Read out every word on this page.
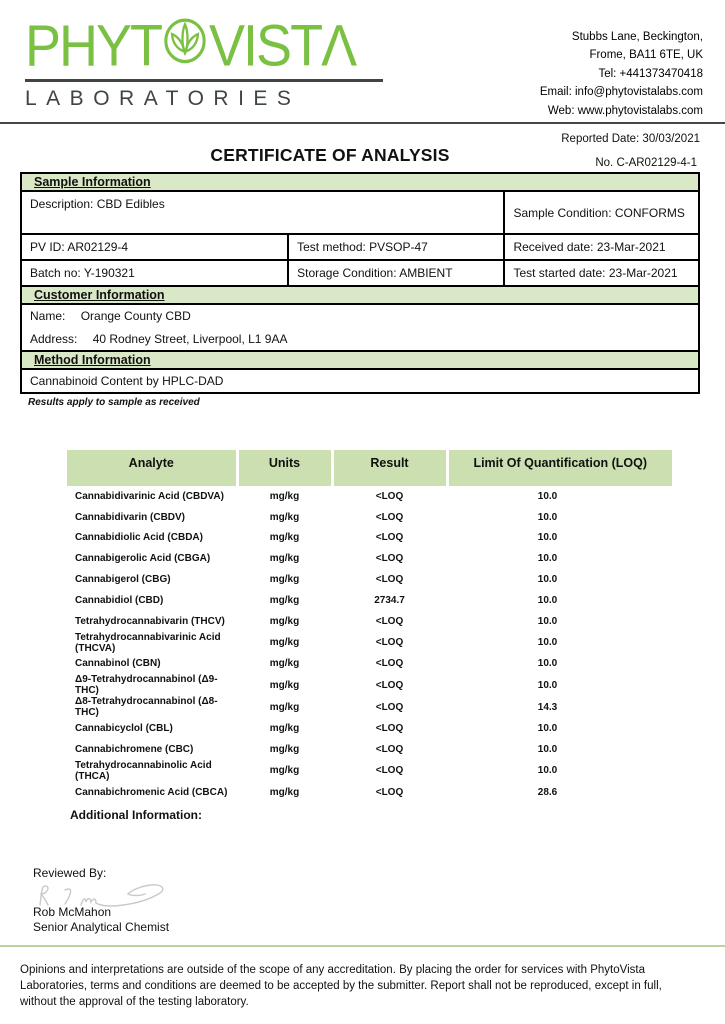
PHYT VIST Λ
LABORATORIES
Stubbs Lane, Beckington,
Frome, BA11 6TE, UK
Tel: +441373470418
Email: info@phytovistalabs.com
Web: www.phytovistalabs.com
Reported Date: 30/03/2021
CERTIFICATE OF ANALYSIS	No. C-AR02129-4-1
Sample Information		
Description: CBD Edibles		Sample Condition: CONFORMS
PV ID: AR02129-4	Test method: PVSOP-47	Received date: 23-Mar-2021
Batch no: Y-190321	Storage Condition: AMBIENT	Test started date: 23-Mar-2021
Customer Information		

Name: Orange County CBD
Address: 40 Rodney Street, Liverpool, L1 9AA		

Method Information		
Cannabinoid Content by HPLC-DAD		
Results apply to sample as received
Analyte	Units	Result	Limit Of Quantification (LOQ)
Cannabidivarinic Acid (CBDVA)	mg/kg	<LOQ	10.0
Cannabidivarin (CBDV)	mg/kg	<LOQ	10.0
Cannabidiolic Acid (CBDA)	mg/kg	<LOQ	10.0
Cannabigerolic Acid (CBGA)	mg/kg	<LOQ	10.0
Cannabigerol (CBG)	mg/kg	<LOQ	10.0
Cannabidiol (CBD)	mg/kg	2734.7	10.0
Tetrahydrocannabivarin (THCV)	mg/kg	<LOQ	10.0
Tetrahydrocannabivarinic Acid (THCVA)	mg/kg	<LOQ	10.0
Cannabinol (CBN)	mg/kg	<LOQ	10.0
Δ9-Tetrahydrocannabinol (Δ9-THC)	mg/kg	<LOQ	10.0
Δ8-Tetrahydrocannabinol (Δ8-THC)	mg/kg	<LOQ	14.3
Cannabicyclol (CBL)	mg/kg	<LOQ	10.0
Cannabichromene (CBC)	mg/kg	<LOQ	10.0
Tetrahydrocannabinolic Acid (THCA)	mg/kg	<LOQ	10.0
Cannabichromenic Acid (CBCA)	mg/kg	<LOQ	28.6
Additional Information:
Reviewed By:
Rob McMahon
Senior Analytical Chemist
Opinions and interpretations are outside of the scope of any accreditation. By placing the order for services with PhytoVista Laboratories, terms and conditions are deemed to be accepted by the submitter. Report shall not be reproduced, except in full, without the approval of the testing laboratory.
